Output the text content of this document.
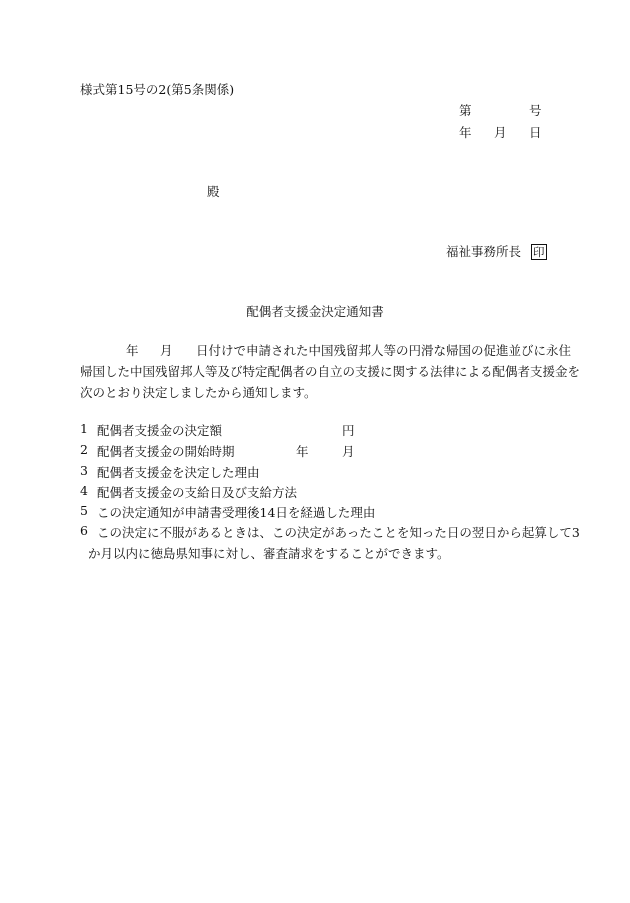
様式第15号の2(第5条関係)
第	号
年 月 日
殿
福祉事務所長 印
配偶者支援金決定通知書
年 月 日付けで申請された中国残留邦人等の円滑な帰国の促進並びに永住
帰国した中国残留邦人等及び特定配偶者の自立の支援に関する法律による配偶者支援金を
次のとおり決定しましたから通知します。
1 配偶者支援金の決定額	円
2 配偶者支援金の開始時期	年	月
3 配偶者支援金を決定した理由
4 配偶者支援金の支給日及び支給方法
5 この決定通知が申請書受理後14日を経過した理由
6 この決定に不服があるときは、この決定があったことを知った日の翌日から起算して3
か月以内に徳島県知事に対し、審査請求をすることができます。
